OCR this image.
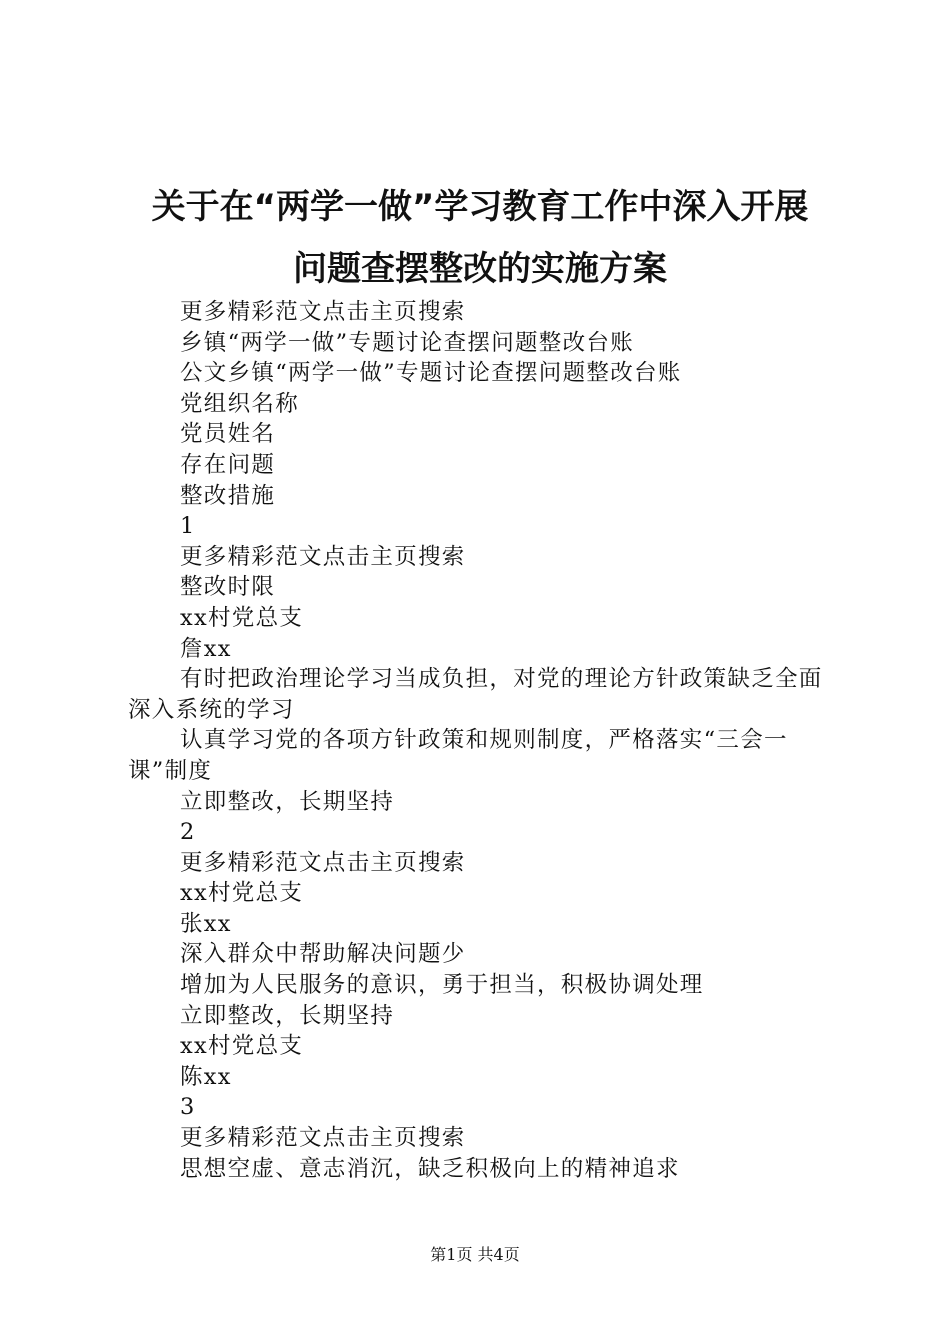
关于在“两学一做”学习教育工作中深入开展
问题查摆整改的实施方案
更多精彩范文点击主页搜索
乡镇“两学一做”专题讨论查摆问题整改台账
公文乡镇“两学一做”专题讨论查摆问题整改台账
党组织名称
党员姓名
存在问题
整改措施
1
更多精彩范文点击主页搜索
整改时限
xx村党总支
詹xx

有时把政治理论学习当成负担，对党的理论方针政策缺乏全面深入系统的学习

认真学习党的各项方针政策和规则制度，严格落实“三会一课”制度

立即整改，长期坚持
2
更多精彩范文点击主页搜索
xx村党总支
张xx
深入群众中帮助解决问题少
增加为人民服务的意识，勇于担当，积极协调处理
立即整改，长期坚持
xx村党总支
陈xx
3
更多精彩范文点击主页搜索
思想空虚、意志消沉，缺乏积极向上的精神追求
第1页 共4页
